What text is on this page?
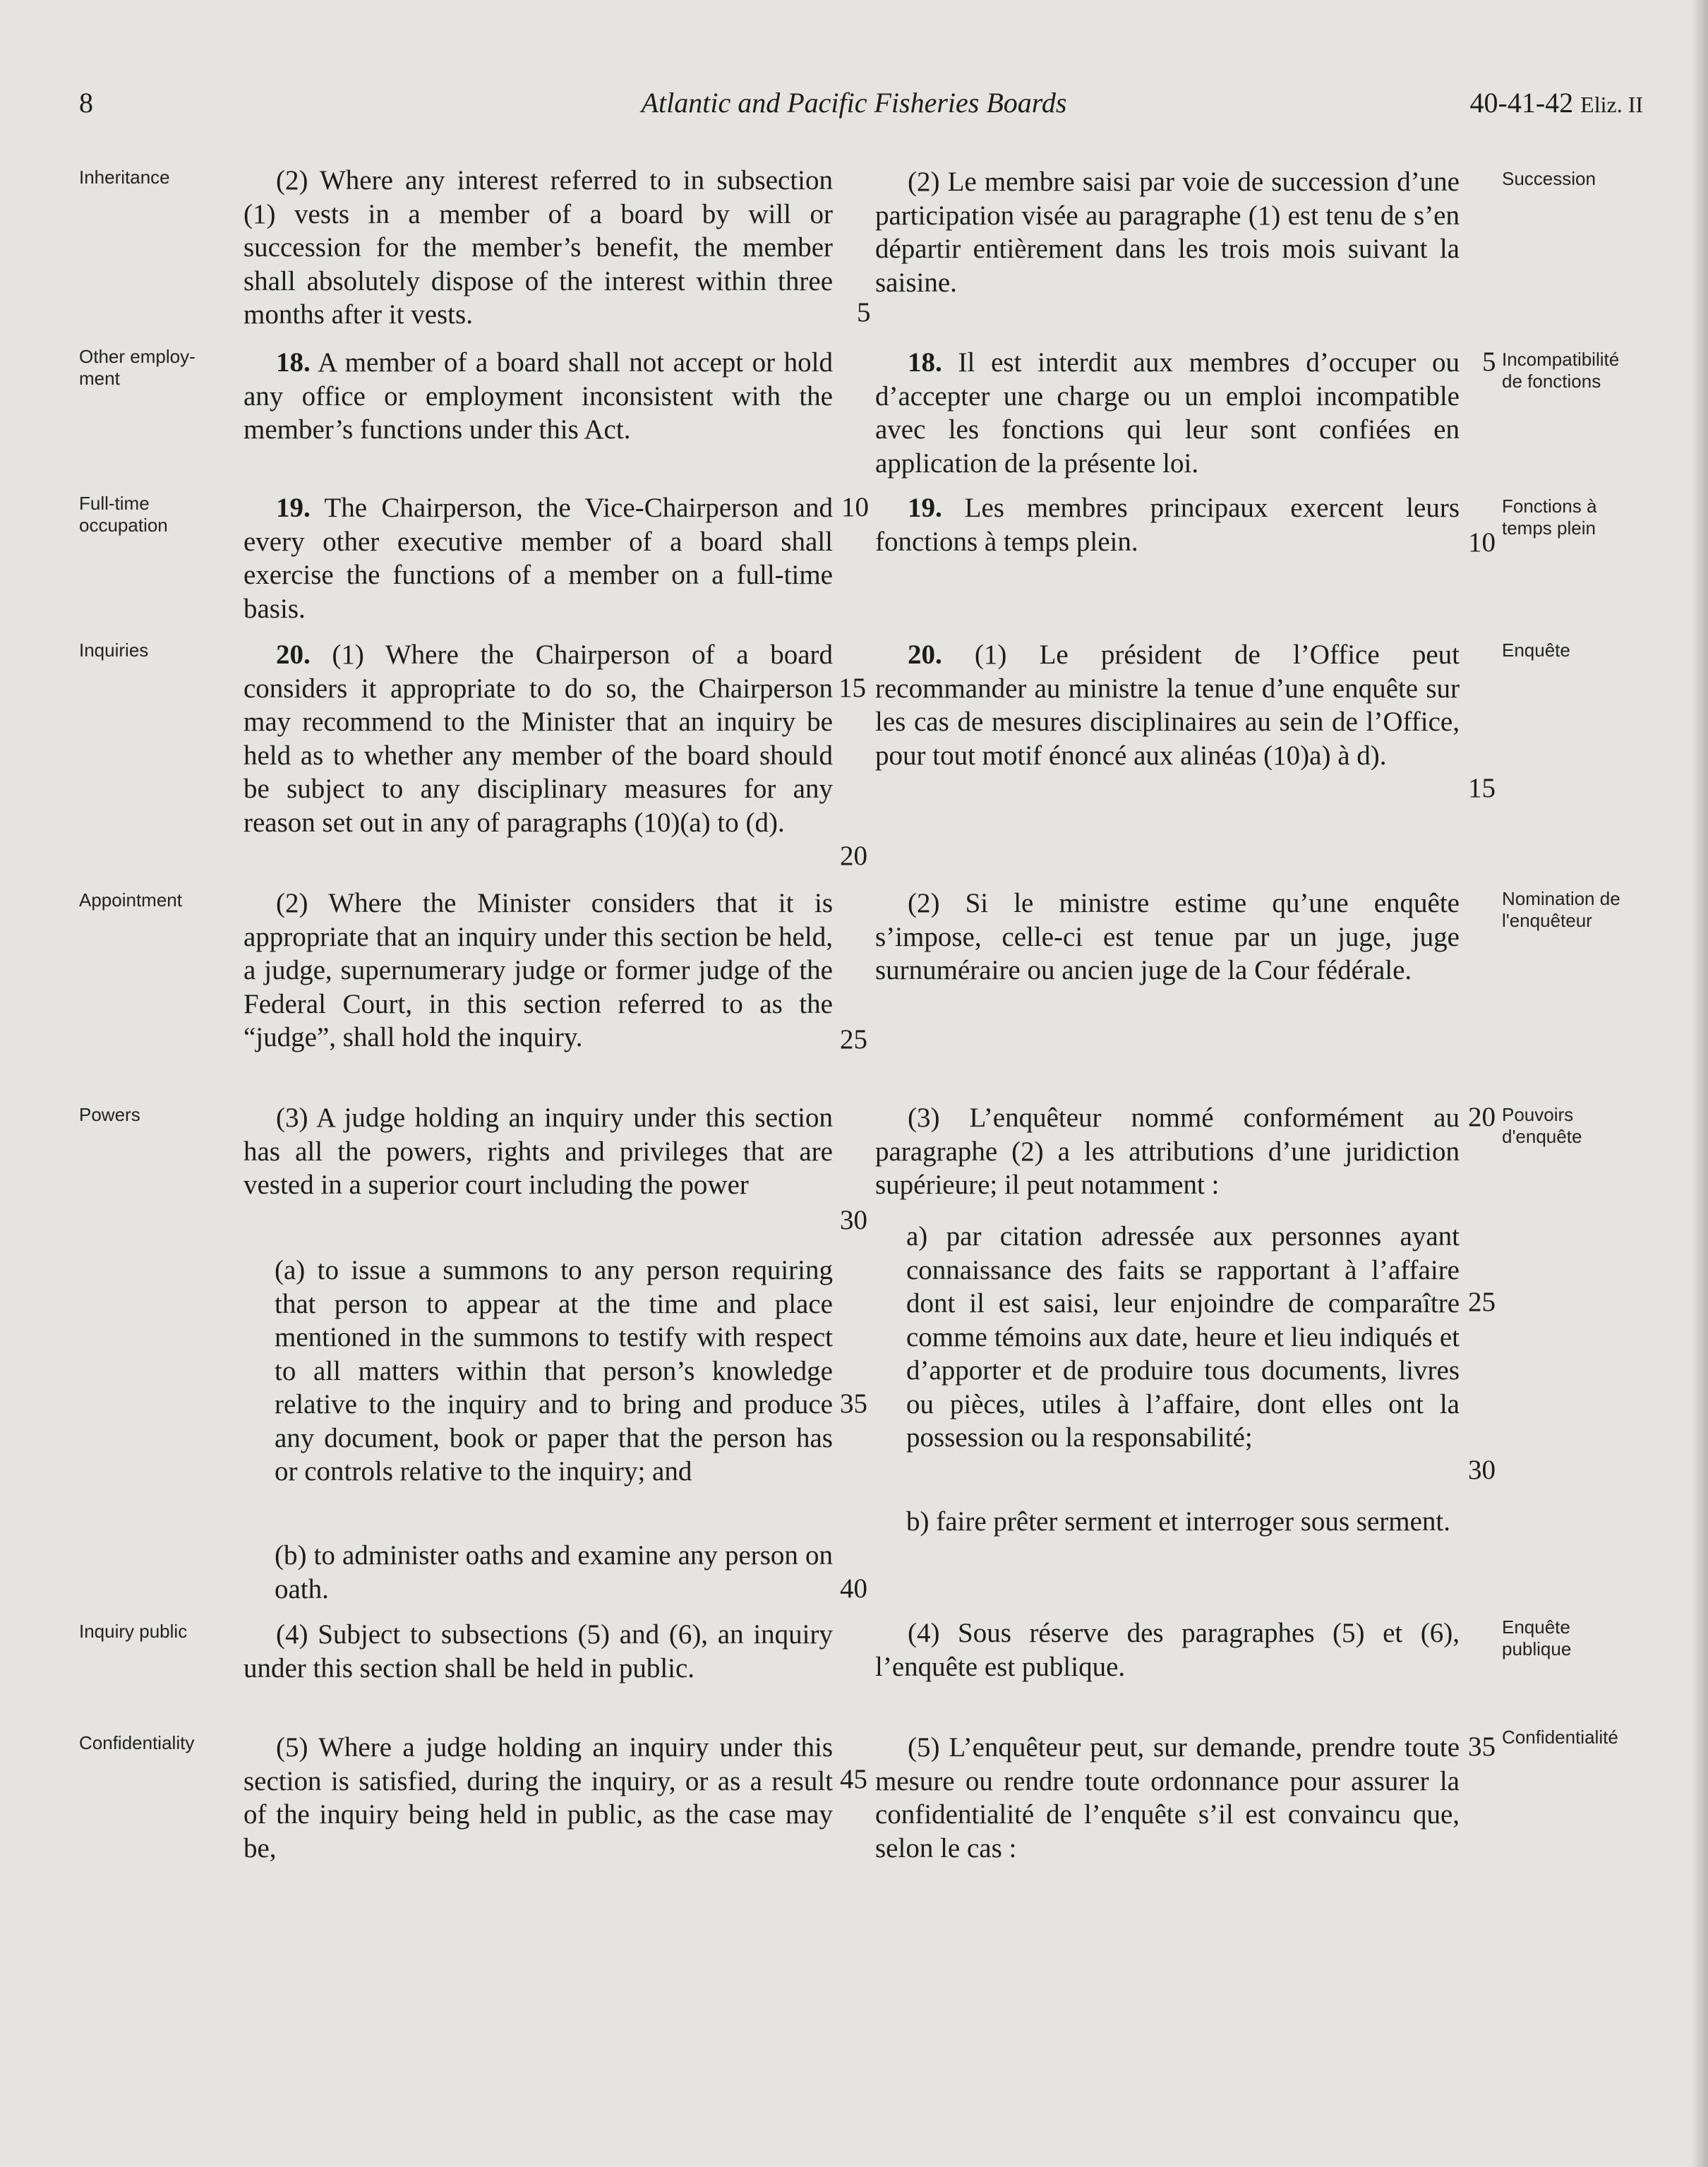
8	Atlantic and Pacific Fisheries Boards	40-41-42 Eliz. II
Inheritance
Other employ-ment
Full-time occupation
Inquiries
Appointment
Powers
Inquiry public
Confidentiality
Succession
Incompatibilité de fonctions
Fonctions à temps plein
Enquête
Nomination de l'enquêteur
Pouvoirs d'enquête
Enquête publique
Confidentialité

(2) Where any interest referred to in subsection (1) vests in a member of a board by will or succession for the member’s benefit, the member shall absolutely dispose of the interest within three months after it vests.

18. A member of a board shall not accept or hold any office or employment inconsistent with the member’s functions under this Act.

19. The Chairperson, the Vice-Chairperson and every other executive member of a board shall exercise the functions of a member on a full-time basis.

20. (1) Where the Chairperson of a board considers it appropriate to do so, the Chairperson may recommend to the Minister that an inquiry be held as to whether any member of the board should be subject to any disciplinary measures for any reason set out in any of paragraphs (10)(a) to (d).

(2) Where the Minister considers that it is appropriate that an inquiry under this section be held, a judge, supernumerary judge or former judge of the Federal Court, in this section referred to as the “judge”, shall hold the inquiry.

(3) A judge holding an inquiry under this section has all the powers, rights and privileges that are vested in a superior court including the power

(a) to issue a summons to any person requiring that person to appear at the time and place mentioned in the summons to testify with respect to all matters within that person’s knowledge relative to the inquiry and to bring and produce any document, book or paper that the person has or controls relative to the inquiry; and

(b) to administer oaths and examine any person on oath.

(4) Subject to subsections (5) and (6), an inquiry under this section shall be held in public.

(5) Where a judge holding an inquiry under this section is satisfied, during the inquiry, or as a result of the inquiry being held in public, as the case may be,

(2) Le membre saisi par voie de succession d’une participation visée au paragraphe (1) est tenu de s’en départir entièrement dans les trois mois suivant la saisine.

18. Il est interdit aux membres d’occuper ou d’accepter une charge ou un emploi incompatible avec les fonctions qui leur sont confiées en application de la présente loi.

19. Les membres principaux exercent leurs fonctions à temps plein.

20. (1) Le président de l’Office peut recommander au ministre la tenue d’une enquête sur les cas de mesures disciplinaires au sein de l’Office, pour tout motif énoncé aux alinéas (10)a) à d).

(2) Si le ministre estime qu’une enquête s’impose, celle-ci est tenue par un juge, juge surnuméraire ou ancien juge de la Cour fédérale.

(3) L’enquêteur nommé conformément au paragraphe (2) a les attributions d’une juridiction supérieure; il peut notamment :

a) par citation adressée aux personnes ayant connaissance des faits se rapportant à l’affaire dont il est saisi, leur enjoindre de comparaître comme témoins aux date, heure et lieu indiqués et d’apporter et de produire tous documents, livres ou pièces, utiles à l’affaire, dont elles ont la possession ou la responsabilité;

b) faire prêter serment et interroger sous serment.

(4) Sous réserve des paragraphes (5) et (6), l’enquête est publique.

(5) L’enquêteur peut, sur demande, prendre toute mesure ou rendre toute ordonnance pour assurer la confidentialité de l’enquête s’il est convaincu que, selon le cas :

5
10
15
20
25
30
35
40
45
5
10
15
20
25
30
35
